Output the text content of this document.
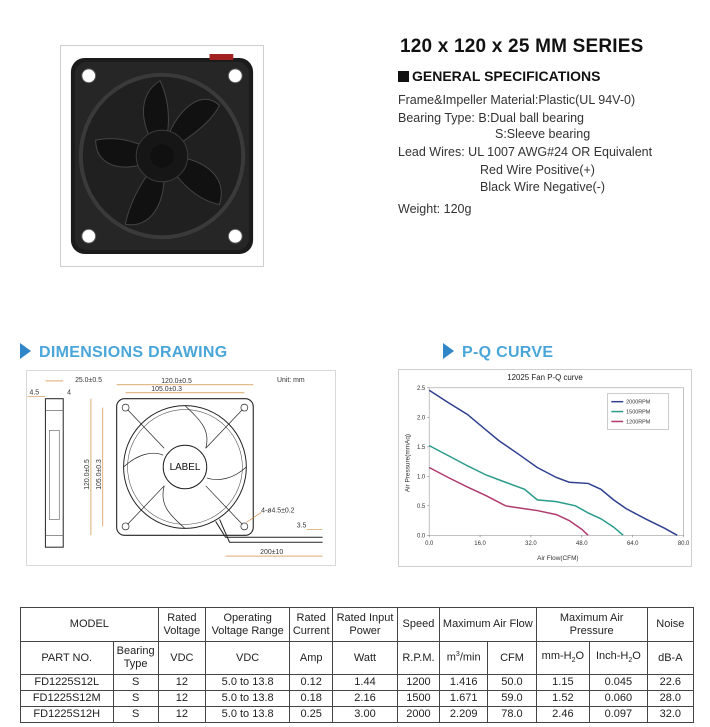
120 x 120 x 25 MM SERIES
GENERAL SPECIFICATIONS
Frame&Impeller Material:Plastic(UL 94V-0)
Bearing Type: B:Dual ball bearing
S:Sleeve bearing
Lead Wires: UL 1007 AWG#24 OR Equivalent
Red Wire Positive(+)
Black Wire Negative(-)
Weight: 120g
DIMENSIONS DRAWING	P-Q CURVE
Unit: mm
25.0±0.5
4.5	4
LABEL
120.0±0.5
105.0±0.3
120.0±0.5 105.0±0.3
4-ø4.5±0.2
3.5
200±10
12025 Fan P-Q curve
0.0
0.5
1.0
1.5
2.0
2.5
0.0	16.0	32.0	48.0	64.0	80.0
2000RPM
1500RPM
1200RPM
Air Flow(CFM)
Air Pressure(mmAq)
MODEL		Rated Voltage	Operating Voltage Range	Rated Current	Rated Input Power	Speed	Maximum Air Flow		Maximum Air Pressure		Noise
PART NO.	Bearing Type	VDC	VDC	Amp	Watt	R.P.M.	$m^3/\min$	CFM	$mm-H_2O$	Inch-$H_2O$	dB-A
FD1225S12L	S	12	5.0 to 13.8	0.12	1.44	1200	1.416	50.0	1.15	0.045	22.6
FD1225S12M	S	12	5.0 to 13.8	0.18	2.16	1500	1.671	59.0	1.52	0.060	28.0
FD1225S12H	S	12	5.0 to 13.8	0.25	3.00	2000	2.209	78.0	2.46	0.097	32.0
